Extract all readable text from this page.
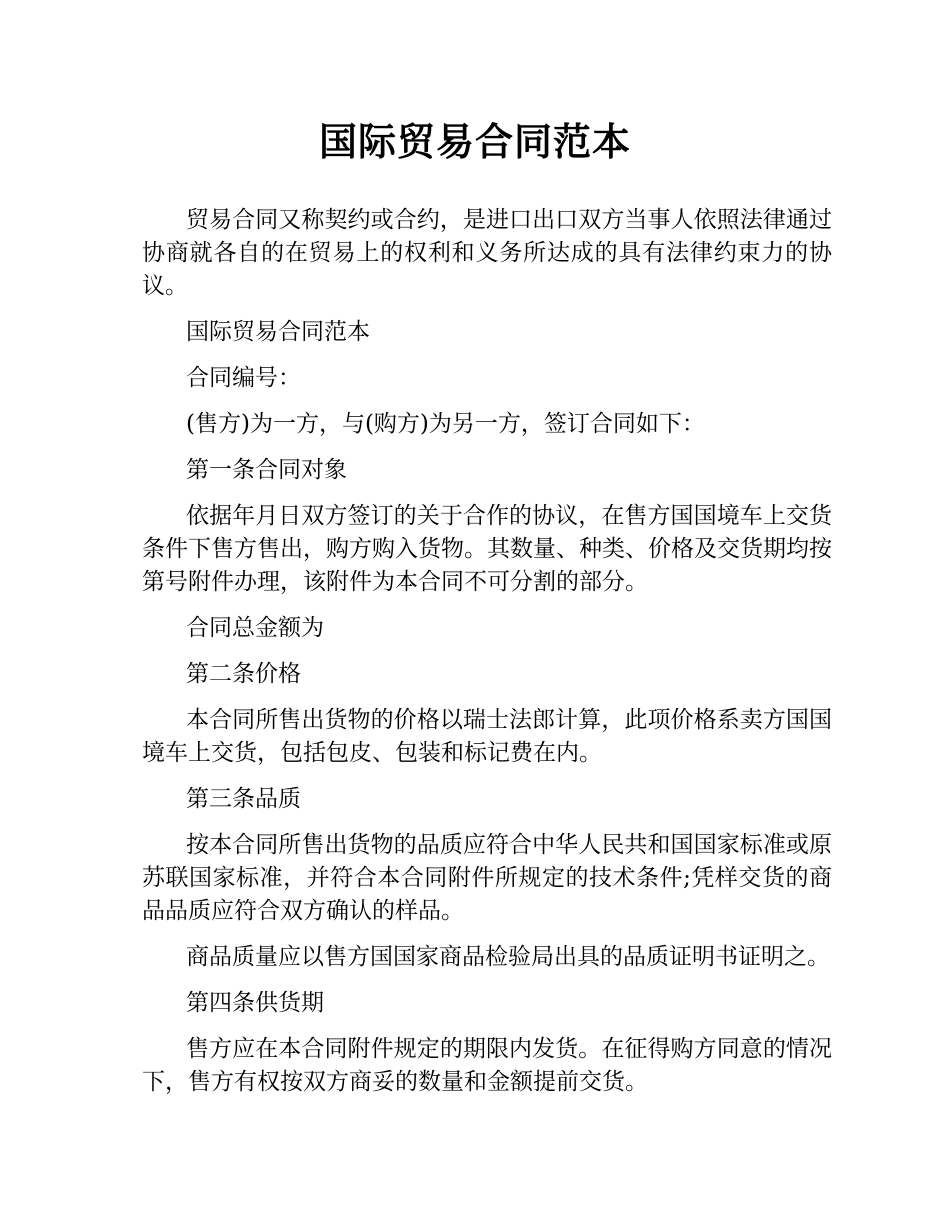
国际贸易合同范本

贸易合同又称契约或合约，是进口出口双方当事人依照法律通过协商就各自的在贸易上的权利和义务所达成的具有法律约束力的协议。

国际贸易合同范本

合同编号：

(售方)为一方，与(购方)为另一方，签订合同如下：

第一条合同对象

依据年月日双方签订的关于合作的协议，在售方国国境车上交货条件下售方售出，购方购入货物。其数量、种类、价格及交货期均按第号附件办理，该附件为本合同不可分割的部分。

合同总金额为

第二条价格

本合同所售出货物的价格以瑞士法郎计算，此项价格系卖方国国境车上交货，包括包皮、包装和标记费在内。

第三条品质

按本合同所售出货物的品质应符合中华人民共和国国家标准或原苏联国家标准，并符合本合同附件所规定的技术条件;凭样交货的商品品质应符合双方确认的样品。

商品质量应以售方国国家商品检验局出具的品质证明书证明之。

第四条供货期

售方应在本合同附件规定的期限内发货。在征得购方同意的情况下，售方有权按双方商妥的数量和金额提前交货。
